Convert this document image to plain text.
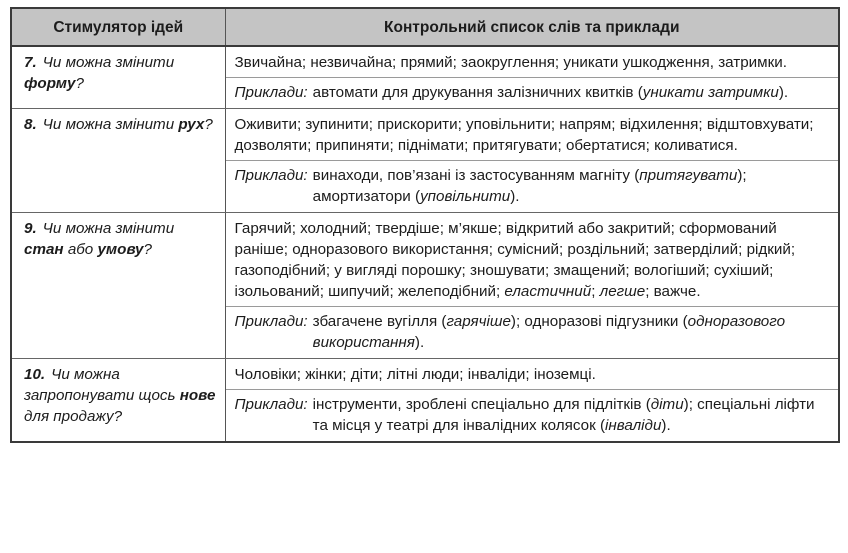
Стимулятор ідей	Контрольний список слів та приклади
7. Чи можна змінити форму?	Звичайна; незвичайна; прямий; заокруглення; уникати ушкодження, затримки.
Приклади: автомати для друкування залізничних квитків (уникати затримки).

8. Чи можна змінити рух?	Оживити; зупинити; прискорити; уповільнити; напрям; відхилення; відштовхувати; дозволяти; припиняти; піднімати; притягувати; обертатися; коливатися.
Приклади: винаходи, пов’язані із застосуванням магніту (притягувати); амортизатори (уповільнити).

9. Чи можна змінити стан або умову?	Гарячий; холодний; твердіше; м’якше; відкритий або закритий; сформований раніше; одноразового використання; сумісний; роздільний; затверділий; рідкий; газоподібний; у вигляді порошку; зношувати; змащений; вологіший; сухіший; ізольований; шипучий; желеподібний; еластичний; легше; важче.
Приклади: збагачене вугілля (гарячіше); одноразові підгузники (одноразового використання).

10. Чи можна запропонувати щось нове для продажу?	Чоловіки; жінки; діти; літні люди; інваліди; іноземці.
Приклади: інструменти, зроблені спеціально для підлітків (діти); спеціальні ліфти та місця у театрі для інвалідних колясок (інваліди).
